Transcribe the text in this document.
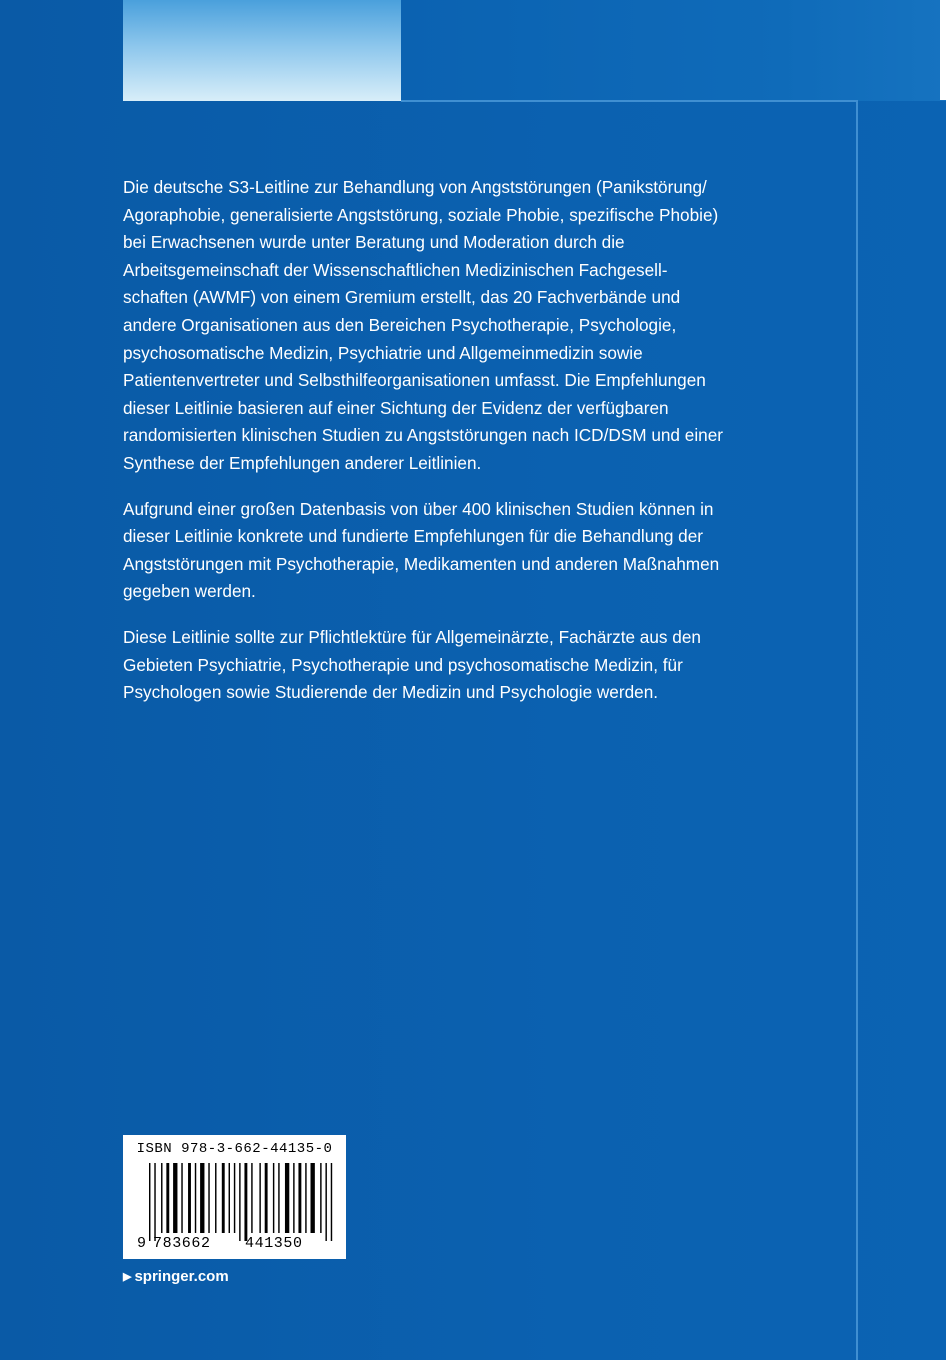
Die deutsche S3-Leitline zur Behandlung von Angststörungen (Panikstörung/ Agoraphobie, generalisierte Angststörung, soziale Phobie, spezifische Phobie) bei Erwachsenen wurde unter Beratung und Moderation durch die Arbeitsgemeinschaft der Wissenschaftlichen Medizinischen Fachgesellschaften (AWMF) von einem Gremium erstellt, das 20 Fachverbände und andere Organisationen aus den Bereichen Psychotherapie, Psychologie, psychosomatische Medizin, Psychiatrie und Allgemeinmedizin sowie Patientenvertreter und Selbsthilfeorganisationen umfasst. Die Empfehlungen dieser Leitlinie basieren auf einer Sichtung der Evidenz der verfügbaren randomisierten klinischen Studien zu Angststörungen nach ICD/DSM und einer Synthese der Empfehlungen anderer Leitlinien.

Aufgrund einer großen Datenbasis von über 400 klinischen Studien können in dieser Leitlinie konkrete und fundierte Empfehlungen für die Behandlung der Angststörungen mit Psychotherapie, Medikamenten und anderen Maßnahmen gegeben werden.

Diese Leitlinie sollte zur Pflichtlektüre für Allgemeinärzte, Fachärzte aus den Gebieten Psychiatrie, Psychotherapie und psychosomatische Medizin, für Psychologen sowie Studierende der Medizin und Psychologie werden.

ISBN 978-3-662-44135-0
9 783662 441350
▶ springer.com
